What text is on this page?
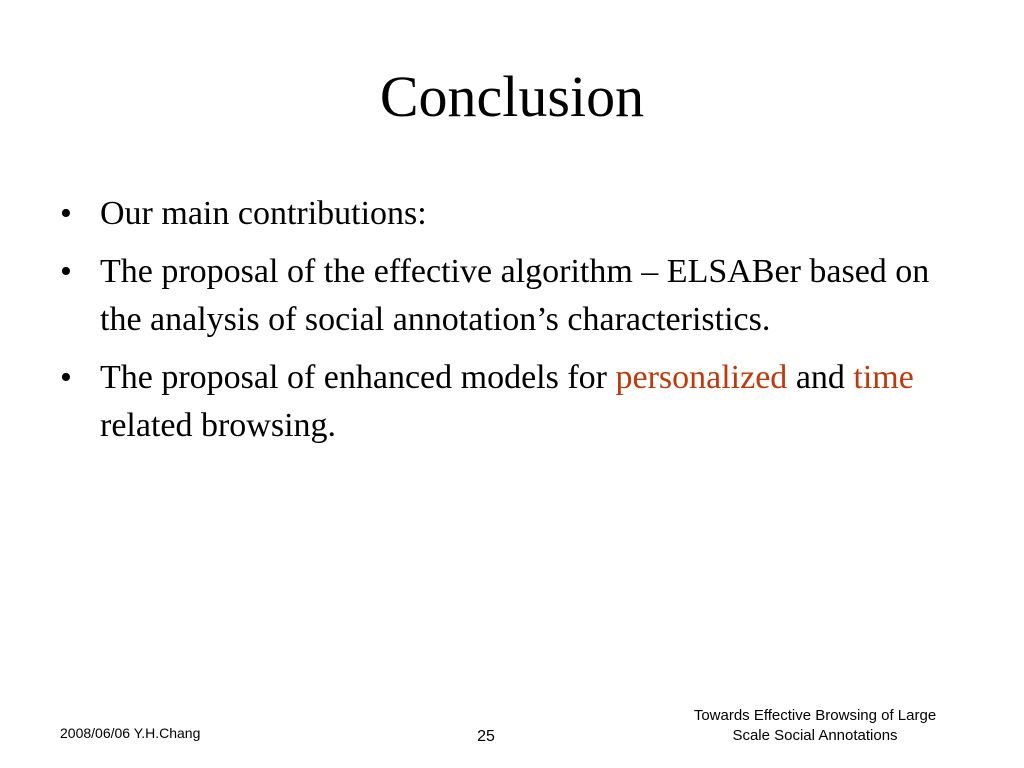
Conclusion
• Our main contributions:
• The proposal of the effective algorithm – ELSABer based on the analysis of social annotation’s characteristics.
• The proposal of enhanced models for personalized and time related browsing.
2008/06/06 Y.H.Chang	25
Towards Effective Browsing of Large
Scale Social Annotations
